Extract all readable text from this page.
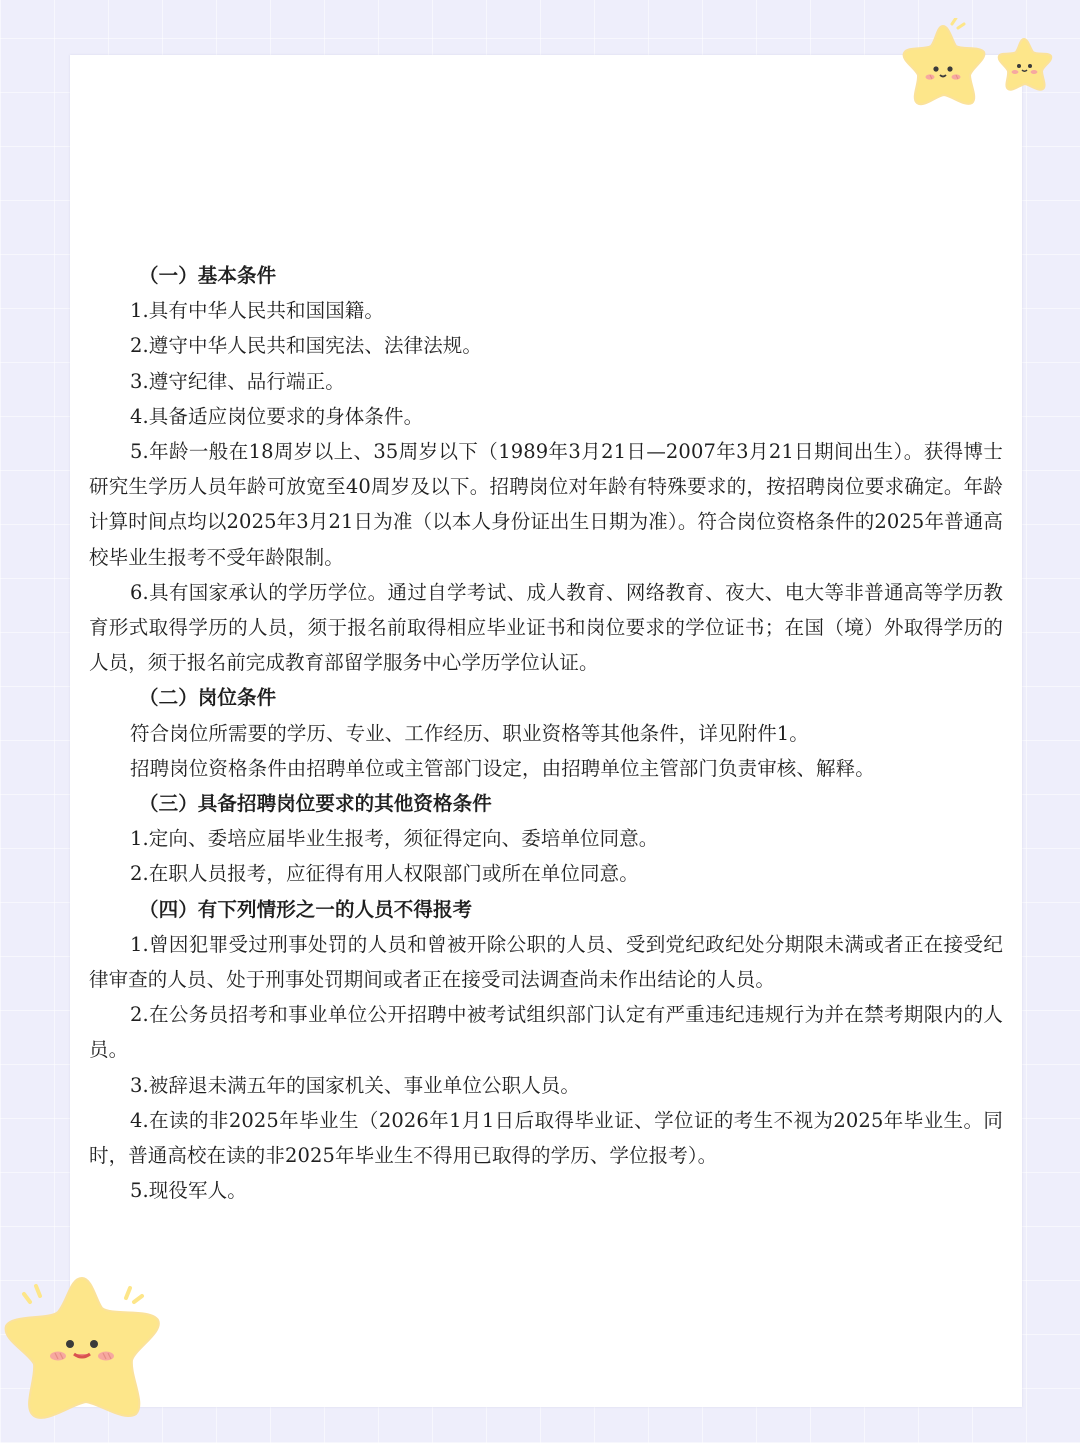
（一）基本条件

1.具有中华人民共和国国籍。

2.遵守中华人民共和国宪法、法律法规。

3.遵守纪律、品行端正。

4.具备适应岗位要求的身体条件。

5.年龄一般在18周岁以上、35周岁以下（1989年3月21日—2007年3月21日期间出生）。获得博士研究生学历人员年龄可放宽至40周岁及以下。招聘岗位对年龄有特殊要求的，按招聘岗位要求确定。年龄计算时间点均以2025年3月21日为准（以本人身份证出生日期为准）。符合岗位资格条件的2025年普通高校毕业生报考不受年龄限制。

6.具有国家承认的学历学位。通过自学考试、成人教育、网络教育、夜大、电大等非普通高等学历教育形式取得学历的人员，须于报名前取得相应毕业证书和岗位要求的学位证书；在国（境）外取得学历的人员，须于报名前完成教育部留学服务中心学历学位认证。

（二）岗位条件

符合岗位所需要的学历、专业、工作经历、职业资格等其他条件，详见附件1。

招聘岗位资格条件由招聘单位或主管部门设定，由招聘单位主管部门负责审核、解释。

（三）具备招聘岗位要求的其他资格条件

1.定向、委培应届毕业生报考，须征得定向、委培单位同意。

2.在职人员报考，应征得有用人权限部门或所在单位同意。

（四）有下列情形之一的人员不得报考

1.曾因犯罪受过刑事处罚的人员和曾被开除公职的人员、受到党纪政纪处分期限未满或者正在接受纪律审查的人员、处于刑事处罚期间或者正在接受司法调查尚未作出结论的人员。

2.在公务员招考和事业单位公开招聘中被考试组织部门认定有严重违纪违规行为并在禁考期限内的人员。

3.被辞退未满五年的国家机关、事业单位公职人员。

4.在读的非2025年毕业生（2026年1月1日后取得毕业证、学位证的考生不视为2025年毕业生。同时，普通高校在读的非2025年毕业生不得用已取得的学历、学位报考）。

5.现役军人。
